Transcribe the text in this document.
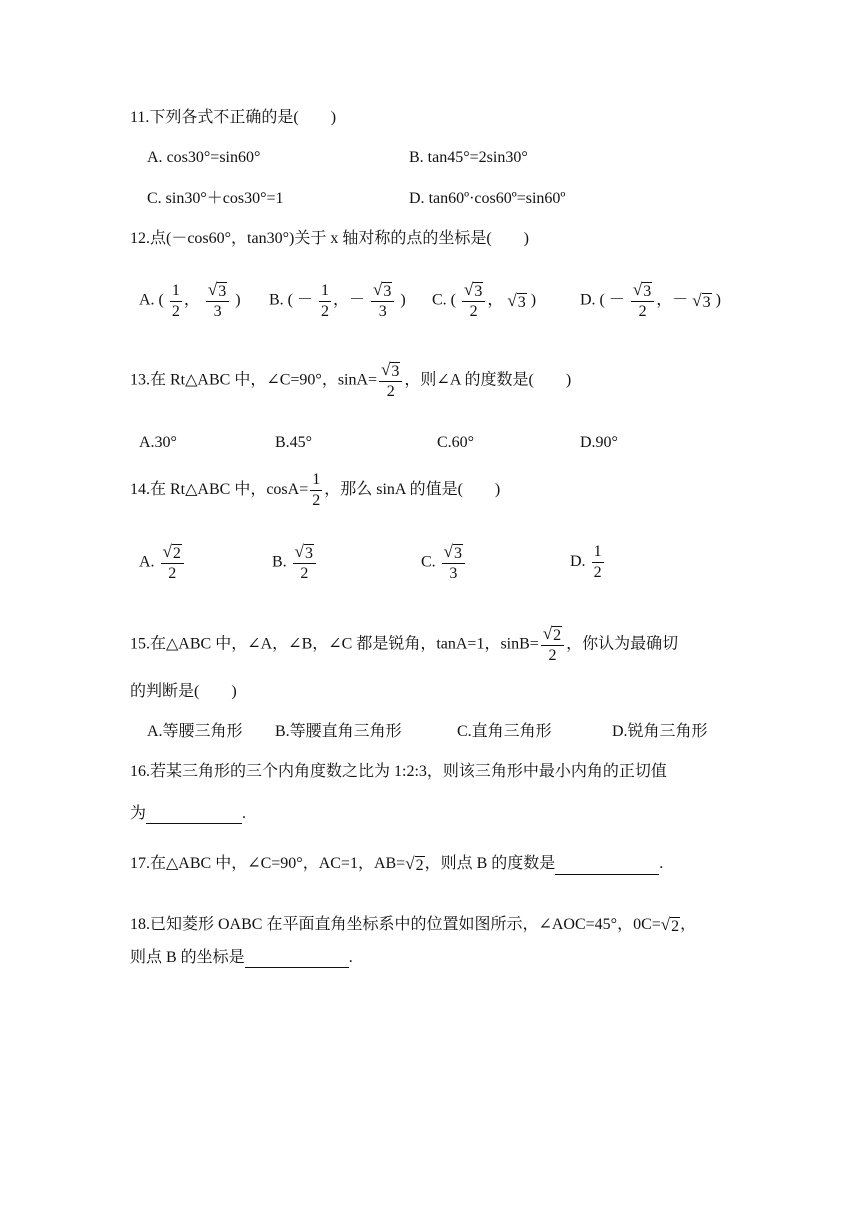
11.下列各式不正确的是(　　)
A. cos30°=sin60°	B. tan45°=2sin30°
C. sin30°＋cos30°=1	D. tan60º·cos60º=sin60º
12.点(－cos60°，tan30°)关于 x 轴对称的点的坐标是(　　)
A. ( $\frac{1}{2}$ ， $\frac{√ 3}{3}$ ) B. ( － $\frac{1}{2}$ ，－ $\frac{√ 3}{3}$ ) C. ( $\frac{√ 3}{2}$ ， √ 3 )	D. ( － $\frac{√ 3}{2}$ ，－ √ 3 )
13.在 Rt△ABC 中，∠C=90°，$\sin A= \frac{√ 3}{2}$ ，则∠A 的度数是(　　)
A.30°	B.45°	C.60°	D.90°
14.在 Rt△ABC 中，$\cos A= \frac{1}{2}$ ，那么 sinA 的值是(　　)
A. $\frac{√ 2}{2}$	B. $\frac{√ 3}{2}$	C. $\frac{√ 3}{3}$	D. $\frac{1}{2}$
15.在△ABC 中，∠A，∠B，∠C 都是锐角，tanA=1，$\sin B= \frac{√ 2}{2}$ ，你认为最确切
的判断是(　　)
A.等腰三角形 B.等腰直角三角形	C.直角三角形	D.锐角三角形
16.若某三角形的三个内角度数之比为 1:2:3，则该三角形中最小内角的正切值
为	.
17.在△ABC 中，∠C=90°，AC=1，AB= √ 2 ，则点 B 的度数是	.
18.已知菱形 OABC 在平面直角坐标系中的位置如图所示，∠AOC=45°，0C= √ 2 ，
则点 B 的坐标是	.
